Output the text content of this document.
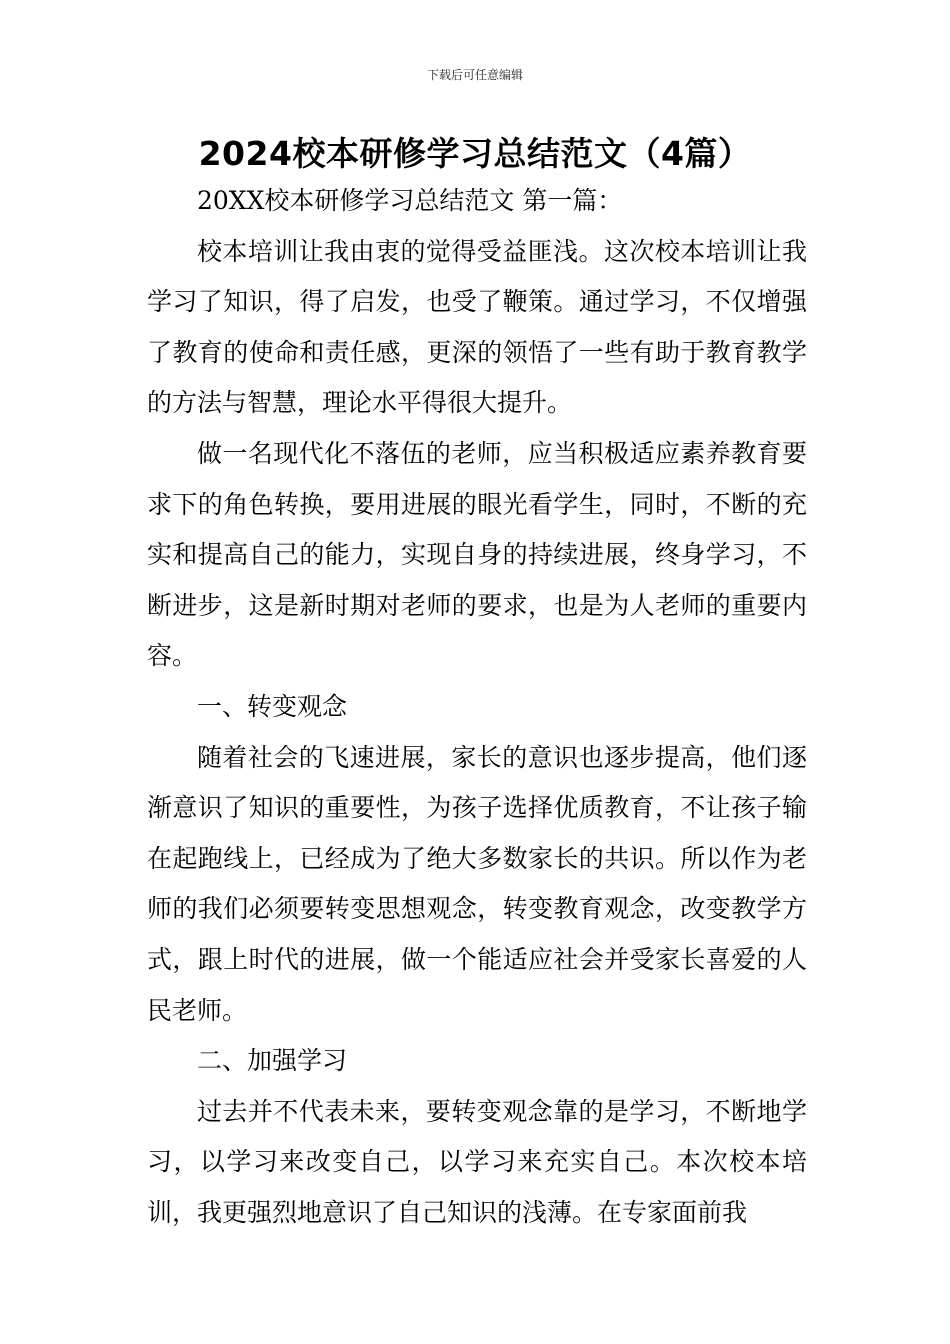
下载后可任意编辑
2024校本研修学习总结范文（4篇）

20XX校本研修学习总结范文 第一篇：

校本培训让我由衷的觉得受益匪浅。这次校本培训让我学习了知识，得了启发，也受了鞭策。通过学习，不仅增强了教育的使命和责任感，更深的领悟了一些有助于教育教学的方法与智慧，理论水平得很大提升。

做一名现代化不落伍的老师，应当积极适应素养教育要求下的角色转换，要用进展的眼光看学生，同时，不断的充实和提高自己的能力，实现自身的持续进展，终身学习，不断进步，这是新时期对老师的要求，也是为人老师的重要内容。

一、转变观念

随着社会的飞速进展，家长的意识也逐步提高，他们逐渐意识了知识的重要性，为孩子选择优质教育，不让孩子输在起跑线上，已经成为了绝大多数家长的共识。所以作为老师的我们必须要转变思想观念，转变教育观念，改变教学方式，跟上时代的进展，做一个能适应社会并受家长喜爱的人民老师。

二、加强学习

过去并不代表未来，要转变观念靠的是学习，不断地学习，以学习来改变自己，以学习来充实自己。本次校本培训，我更强烈地意识了自己知识的浅薄。在专家面前我
